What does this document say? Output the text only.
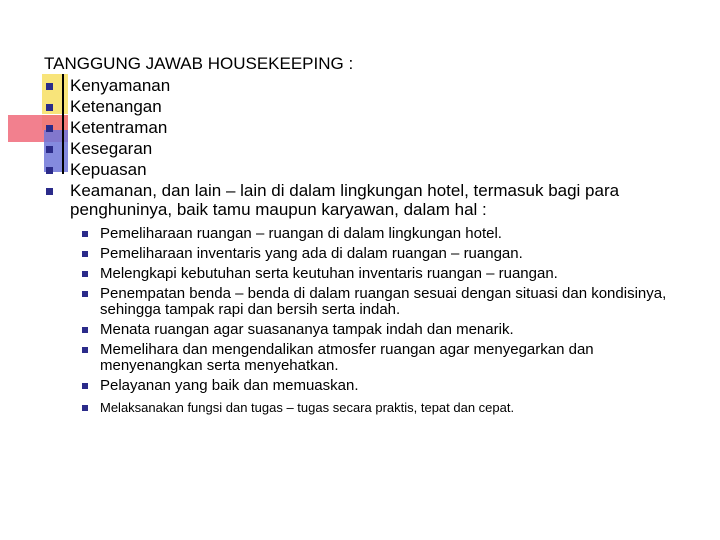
TANGGUNG JAWAB HOUSEKEEPING :
Kenyamanan
Ketenangan
Ketentraman
Kesegaran
Kepuasan
Keamanan, dan lain – lain di dalam lingkungan hotel, termasuk bagi para penghuninya, baik tamu maupun karyawan, dalam hal :
Pemeliharaan ruangan – ruangan di dalam lingkungan hotel.
Pemeliharaan inventaris yang ada di dalam ruangan – ruangan.
Melengkapi kebutuhan serta keutuhan inventaris ruangan – ruangan.
Penempatan benda – benda di dalam ruangan sesuai dengan situasi dan kondisinya, sehingga tampak rapi dan bersih serta indah.
Menata ruangan agar suasananya tampak indah dan menarik.
Memelihara dan mengendalikan atmosfer ruangan agar menyegarkan dan menyenangkan serta menyehatkan.
Pelayanan yang baik dan memuaskan.
Melaksanakan fungsi dan tugas – tugas secara praktis, tepat dan cepat.
